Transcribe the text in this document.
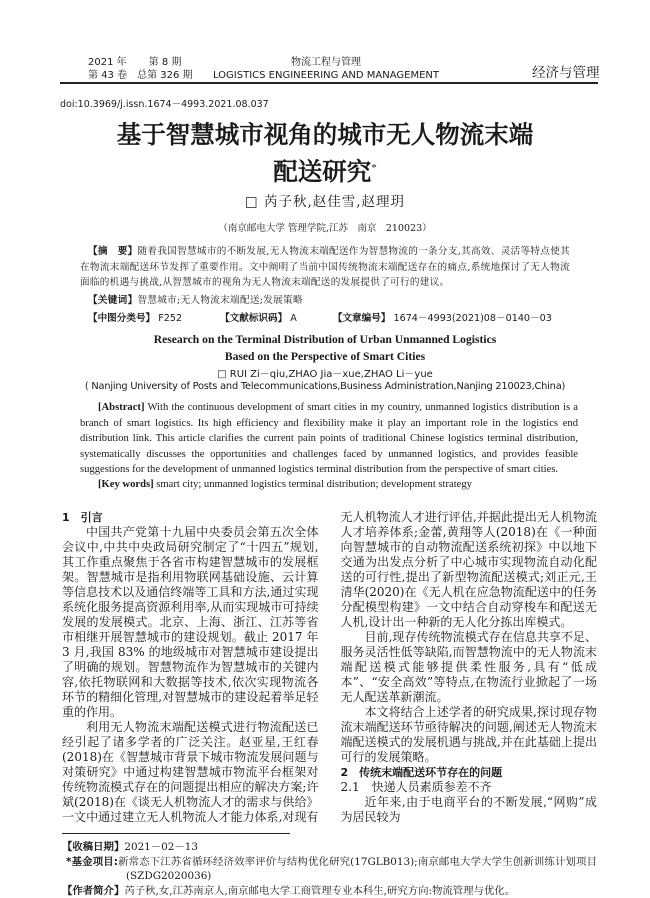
2021 年 第 8 期
第 43 卷 总第 326 期
物流工程与管理
LOGISTICS ENGINEERING AND MANAGEMENT	经济与管理
doi:10.3969/j.issn.1674－4993.2021.08.037
基于智慧城市视角的城市无人物流末端
配送研究*
□ 芮子秋,赵佳雪,赵理玥
（南京邮电大学 管理学院,江苏　南京　210023）
【摘　要】随着我国智慧城市的不断发展,无人物流末端配送作为智慧物流的一条分支,其高效、灵活等特点使其在物流末端配送环节发挥了重要作用。文中阐明了当前中国传统物流末端配送存在的痛点,系统地探讨了无人物流面临的机遇与挑战,从智慧城市的视角为无人物流末端配送的发展提供了可行的建议。
【关键词】智慧城市;无人物流末端配送;发展策略
【中图分类号】 F252	【文献标识码】 A	【文章编号】 1674－4993(2021)08－0140－03
Research on the Terminal Distribution of Urban Unmanned Logistics
Based on the Perspective of Smart Cities
□ RUI Zi－qiu,ZHAO Jia－xue,ZHAO Li－yue
( Nanjing University of Posts and Telecommunications,Business Administration,Nanjing 210023,China)
[Abstract] With the continuous development of smart cities in my country, unmanned logistics distribution is a branch of smart logistics. Its high efficiency and flexibility make it play an important role in the logistics end distribution link. This article clarifies the current pain points of traditional Chinese logistics terminal distribution, systematically discusses the opportunities and challenges faced by unmanned logistics, and provides feasible suggestions for the development of unmanned logistics terminal distribution from the perspective of smart cities.
[Key words] smart city; unmanned logistics terminal distribution; development strategy

1　引言

中国共产党第十九届中央委员会第五次全体会议中,中共中央政局研究制定了“十四五”规划,其工作重点聚焦于各省市构建智慧城市的发展框架。智慧城市是指利用物联网基础设施、云计算等信息技术以及通信终端等工具和方法,通过实现系统化服务提高资源利用率,从而实现城市可持续发展的发展模式。北京、上海、浙江、江苏等省市相继开展智慧城市的建设规划。截止 2017 年 3 月,我国 83% 的地级城市对智慧城市建设提出了明确的规划。智慧物流作为智慧城市的关键内容,依托物联网和大数据等技术,依次实现物流各环节的精细化管理,对智慧城市的建设起着举足轻重的作用。

利用无人物流末端配送模式进行物流配送已经引起了诸多学者的广泛关注。赵亚星,王红春(2018)在《智慧城市背景下城市物流发展问题与对策研究》中通过构建智慧城市物流平台框架对传统物流模式存在的问题提出相应的解决方案;许斌(2018)在《谈无人机物流人才的需求与供给》一文中通过建立无人机物流人才能力体系,对现有无人机物流人才进行评估,并据此提出无人机物流人才培养体系;金蕾,黄翔等人(2018)在《一种面向智慧城市的自动物流配送系统初探》中以地下交通为出发点分析了中心城市实现物流自动化配送的可行性,提出了新型物流配送模式;刘正元,王清华(2020)在《无人机在应急物流配送中的任务分配模型构建》一文中结合自动穿梭车和配送无人机,设计出一种新的无人化分拣出库模式。

目前,现存传统物流模式存在信息共享不足、服务灵活性低等缺陷,而智慧物流中的无人物流末端配送模式能够提供柔性服务,具有“低成本”、“安全高效”等特点,在物流行业掀起了一场无人配送革新潮流。

本文将结合上述学者的研究成果,探讨现存物流末端配送环节亟待解决的问题,阐述无人物流末端配送模式的发展机遇与挑战,并在此基础上提出可行的发展策略。

2　传统末端配送环节存在的问题

2.1　快递人员素质参差不齐

近年来,由于电商平台的不断发展,“网购”成为居民较为

【收稿日期】2021－02－13
*基金项目:新常态下江苏省循环经济效率评价与结构优化研究(17GLB013);南京邮电大学大学生创新训练计划项目(SZDG2020036)
【作者简介】芮子秋,女,江苏南京人,南京邮电大学工商管理专业本科生,研究方向:物流管理与优化。
